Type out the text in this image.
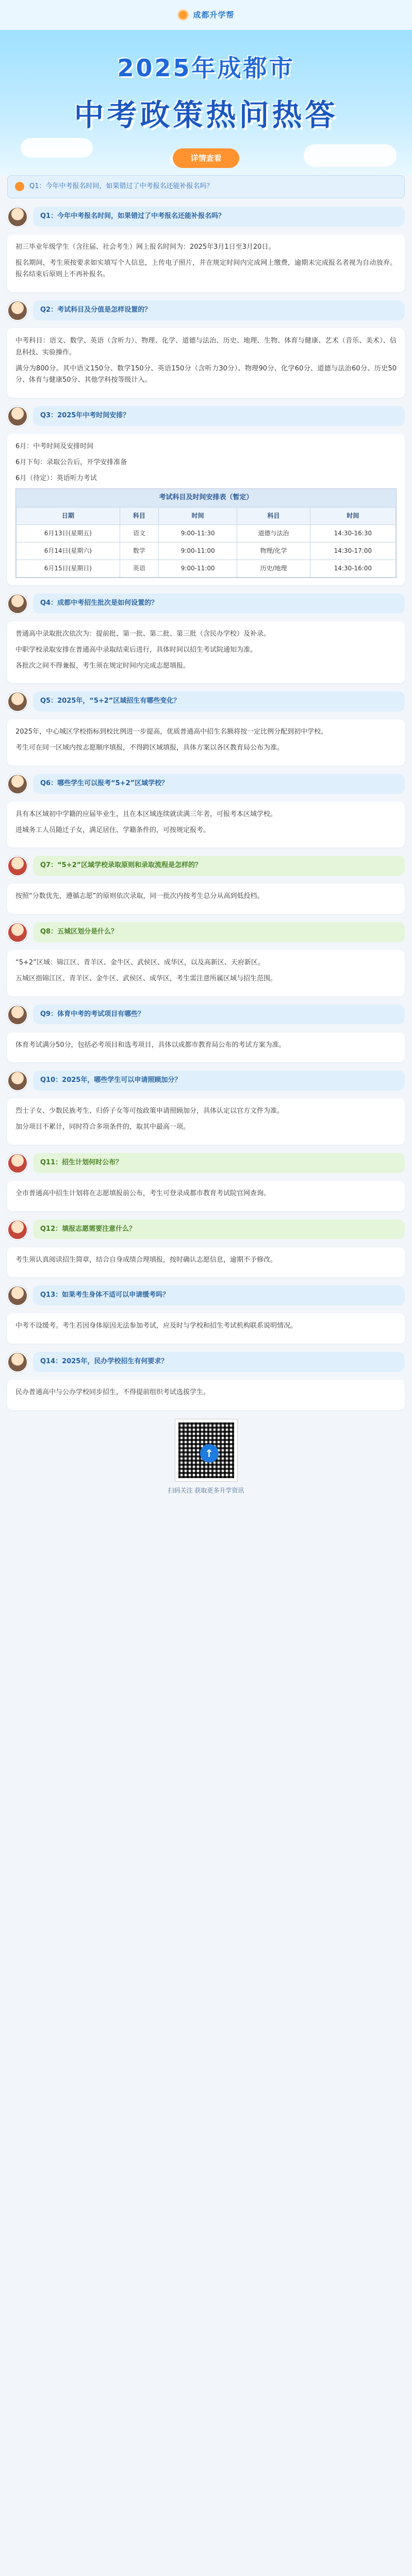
成都升学帮
2025年成都市
中考政策热问热答
详情查看
Q1：今年中考报名时间，如果错过了中考报名还能补报名吗？
Q1：今年中考报名时间，如果错过了中考报名还能补报名吗？

初三毕业年级学生（含往届、社会考生）网上报名时间为：2025年3月1日至3月20日。

报名期间，考生须按要求如实填写个人信息，上传电子照片，并在规定时间内完成网上缴费，逾期未完成报名者视为自动放弃。报名结束后原则上不再补报名。

Q2：考试科目及分值是怎样设置的？

中考科目：语文、数学、英语（含听力）、物理、化学、道德与法治、历史、地理、生物、体育与健康、艺术（音乐、美术）、信息科技、实验操作。

满分为800分。其中语文150分、数学150分、英语150分（含听力30分）、物理90分、化学60分、道德与法治60分、历史50分、体育与健康50分、其他学科按等级计入。

Q3：2025年中考时间安排？

6月：中考时间及安排时间

6月下旬：录取公告后，开学安排准备

6月（待定）：英语听力考试

考试科目及时间安排表（暂定）
日期	科目	时间	科目	时间
6月13日(星期五)	语文	9:00-11:30	道德与法治	14:30-16:30
6月14日(星期六)	数学	9:00-11:00	物理/化学	14:30-17:00
6月15日(星期日)	英语	9:00-11:00	历史/地理	14:30-16:00
Q4：成都中考招生批次是如何设置的？

普通高中录取批次依次为：提前批、第一批、第二批、第三批（含民办学校）及补录。

中职学校录取安排在普通高中录取结束后进行，具体时间以招生考试院通知为准。

各批次之间不得兼报，考生须在规定时间内完成志愿填报。

Q5：2025年，“5+2”区域招生有哪些变化？

2025年，中心城区学校指标到校比例进一步提高，优质普通高中招生名额将按一定比例分配到初中学校。

考生可在同一区域内按志愿顺序填报，不得跨区域填报，具体方案以各区教育局公布为准。

Q6：哪些学生可以报考“5+2”区域学校？

具有本区域初中学籍的应届毕业生，且在本区域连续就读满三年者，可报考本区域学校。

进城务工人员随迁子女，满足居住、学籍条件的，可按规定报考。

Q7：“5+2”区域学校录取原则和录取流程是怎样的？

按照“分数优先，遵循志愿”的原则依次录取，同一批次内按考生总分从高到低投档。

Q8：五城区划分是什么？

“5+2”区域：锦江区、青羊区、金牛区、武侯区、成华区，以及高新区、天府新区。

五城区指锦江区、青羊区、金牛区、武侯区、成华区，考生需注意所属区域与招生范围。

Q9：体育中考的考试项目有哪些？

体育考试满分50分，包括必考项目和选考项目，具体以成都市教育局公布的考试方案为准。

Q10：2025年，哪些学生可以申请照顾加分？

烈士子女、少数民族考生、归侨子女等可按政策申请照顾加分，具体认定以官方文件为准。

加分项目不累计，同时符合多项条件的，取其中最高一项。

Q11：招生计划何时公布？

全市普通高中招生计划将在志愿填报前公布，考生可登录成都市教育考试院官网查询。

Q12：填报志愿需要注意什么？

考生须认真阅读招生简章，结合自身成绩合理填报，按时确认志愿信息，逾期不予修改。

Q13：如果考生身体不适可以申请缓考吗？

中考不设缓考。考生若因身体原因无法参加考试，应及时与学校和招生考试机构联系说明情况。

Q14：2025年，民办学校招生有何要求？

民办普通高中与公办学校同步招生，不得提前组织考试选拔学生。

↑
扫码关注 获取更多升学资讯
